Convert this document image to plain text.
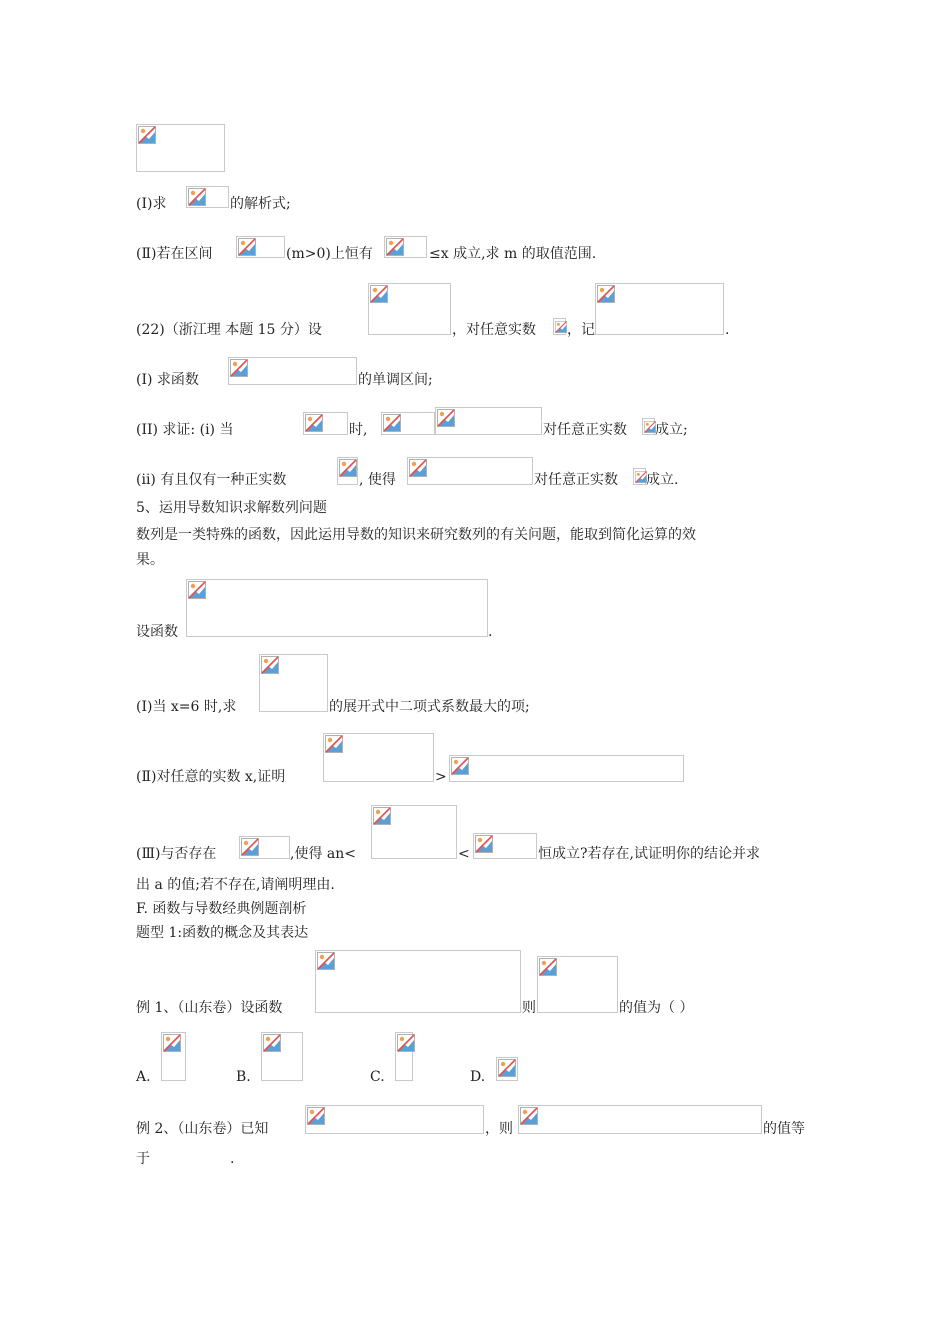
(Ⅰ)求	的解析式;
(Ⅱ)若在区间	(m>0)上恒有	≤x 成立,求 m 的取值范围.
(22)（浙江理 本题 15 分）设	，对任意实数 ，记	.
(I) 求函数	的单调区间;
(II) 求证: (ⅰ) 当	时,	对任意正实数 成立;
(ⅱ) 有且仅有一种正实数	, 使得	对任意正实数 成立.
5、运用导数知识求解数列问题
数列是一类特殊的函数，因此运用导数的知识来研究数列的有关问题，能取到简化运算的效
果。
设函数	.
(Ⅰ)当 x=6 时,求	的展开式中二项式系数最大的项;
(Ⅱ)对任意的实数 x,证明	>
(Ⅲ)与否存在	,使得 an<	<	恒成立?若存在,试证明你的结论并求
出 a 的值;若不存在,请阐明理由.
F. 函数与导数经典例题剖析
题型 1:函数的概念及其表达
例 1、（山东卷）设函数	则	的值为（ ）
A.	B.	C.	D.
例 2、（山东卷）已知	，则	的值等
于	.
